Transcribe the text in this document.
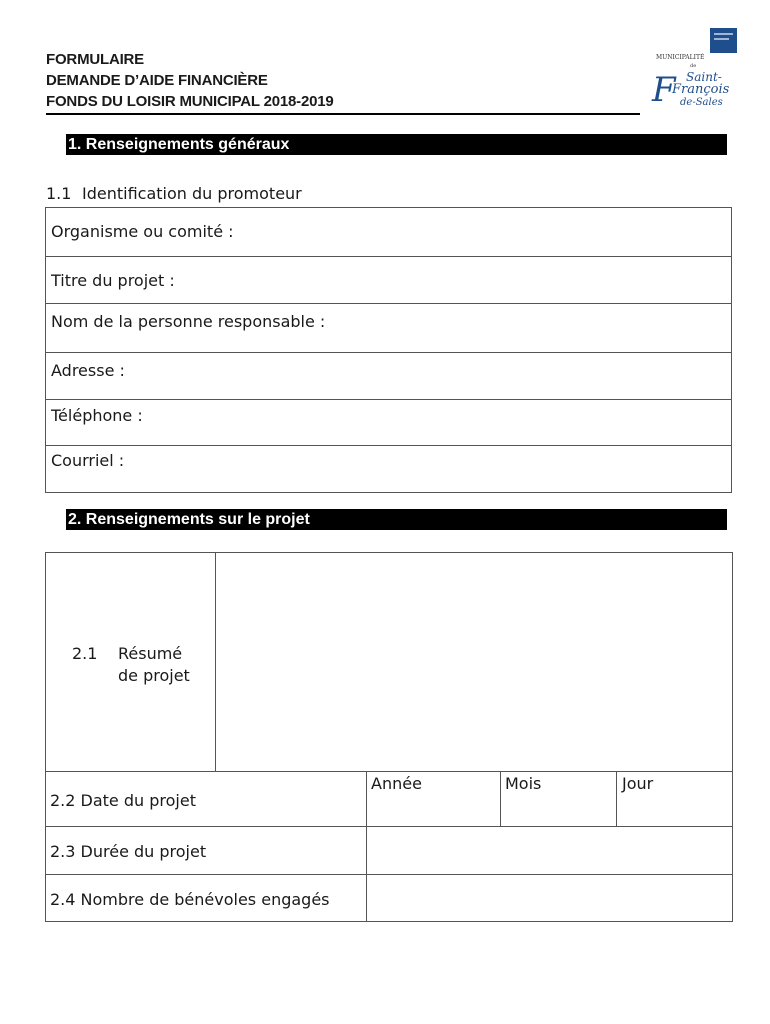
FORMULAIRE
DEMANDE D’AIDE FINANCIÈRE
FONDS DU LOISIR MUNICIPAL 2018-2019
MUNICIPALITÉ
de
F Saint-
François
de-Sales
1. Renseignements généraux
1.1 Identification du promoteur
Organisme ou comité :
Titre du projet :
Nom de la personne responsable :
Adresse :
Téléphone :
Courriel :
2. Renseignements sur le projet
2.1 Résumé
de projet
2.2 Date du projet
Année	Mois	Jour
2.3 Durée du projet
2.4 Nombre de bénévoles engagés
